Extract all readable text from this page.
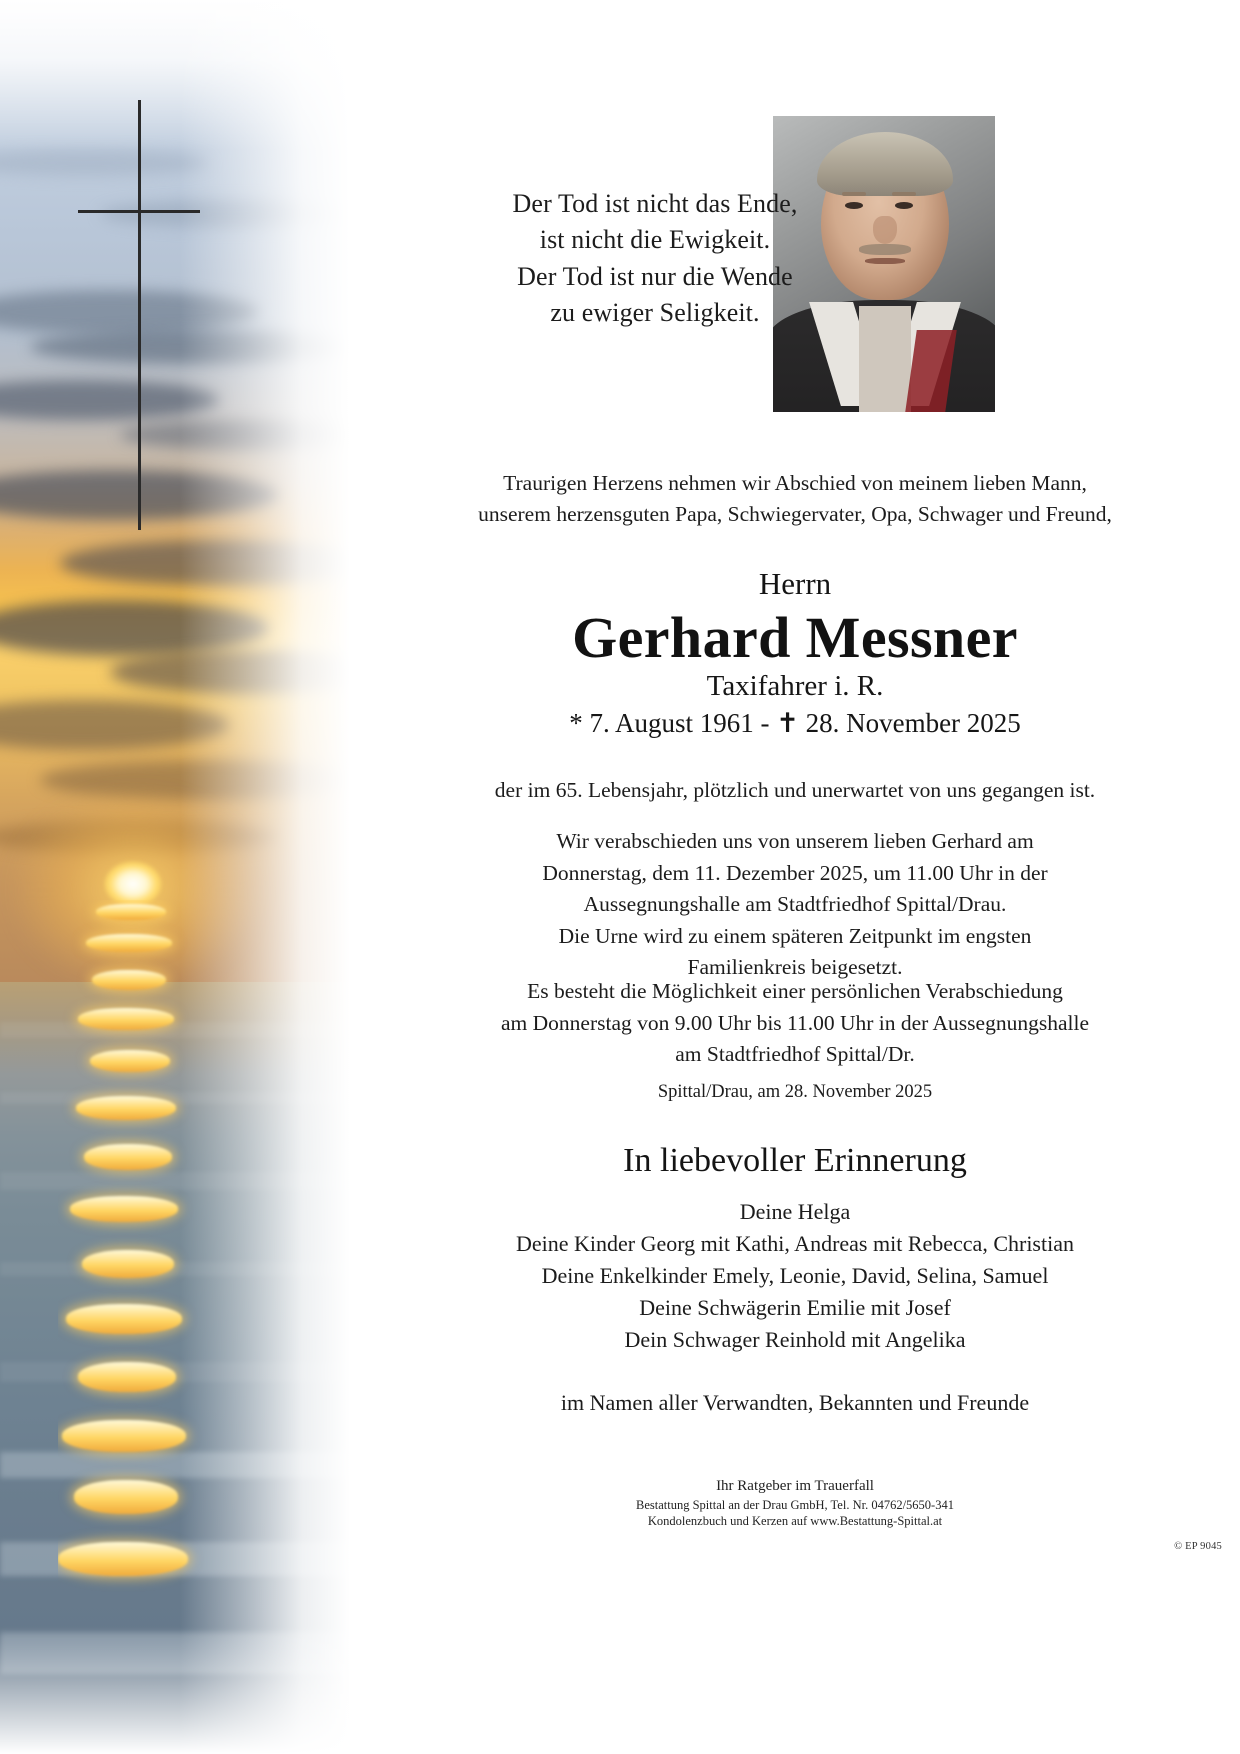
Der Tod ist nicht das Ende,
ist nicht die Ewigkeit.
Der Tod ist nur die Wende
zu ewiger Seligkeit.
Traurigen Herzens nehmen wir Abschied von meinem lieben Mann,
unserem herzensguten Papa, Schwiegervater, Opa, Schwager und Freund,
Herrn
Gerhard Messner
Taxifahrer i. R.
* 7. August 1961 - ✝ 28. November 2025
der im 65. Lebensjahr, plötzlich und unerwartet von uns gegangen ist.
Wir verabschieden uns von unserem lieben Gerhard am
Donnerstag, dem 11. Dezember 2025, um 11.00 Uhr in der
Aussegnungshalle am Stadtfriedhof Spittal/Drau.
Die Urne wird zu einem späteren Zeitpunkt im engsten
Familienkreis beigesetzt.
Es besteht die Möglichkeit einer persönlichen Verabschiedung
am Donnerstag von 9.00 Uhr bis 11.00 Uhr in der Aussegnungshalle
am Stadtfriedhof Spittal/Dr.
Spittal/Drau, am 28. November 2025
In liebevoller Erinnerung
Deine Helga
Deine Kinder Georg mit Kathi, Andreas mit Rebecca, Christian
Deine Enkelkinder Emely, Leonie, David, Selina, Samuel
Deine Schwägerin Emilie mit Josef
Dein Schwager Reinhold mit Angelika
im Namen aller Verwandten, Bekannten und Freunde
Ihr Ratgeber im Trauerfall
Bestattung Spittal an der Drau GmbH, Tel. Nr. 04762/5650-341
Kondolenzbuch und Kerzen auf www.Bestattung-Spittal.at
© EP 9045
